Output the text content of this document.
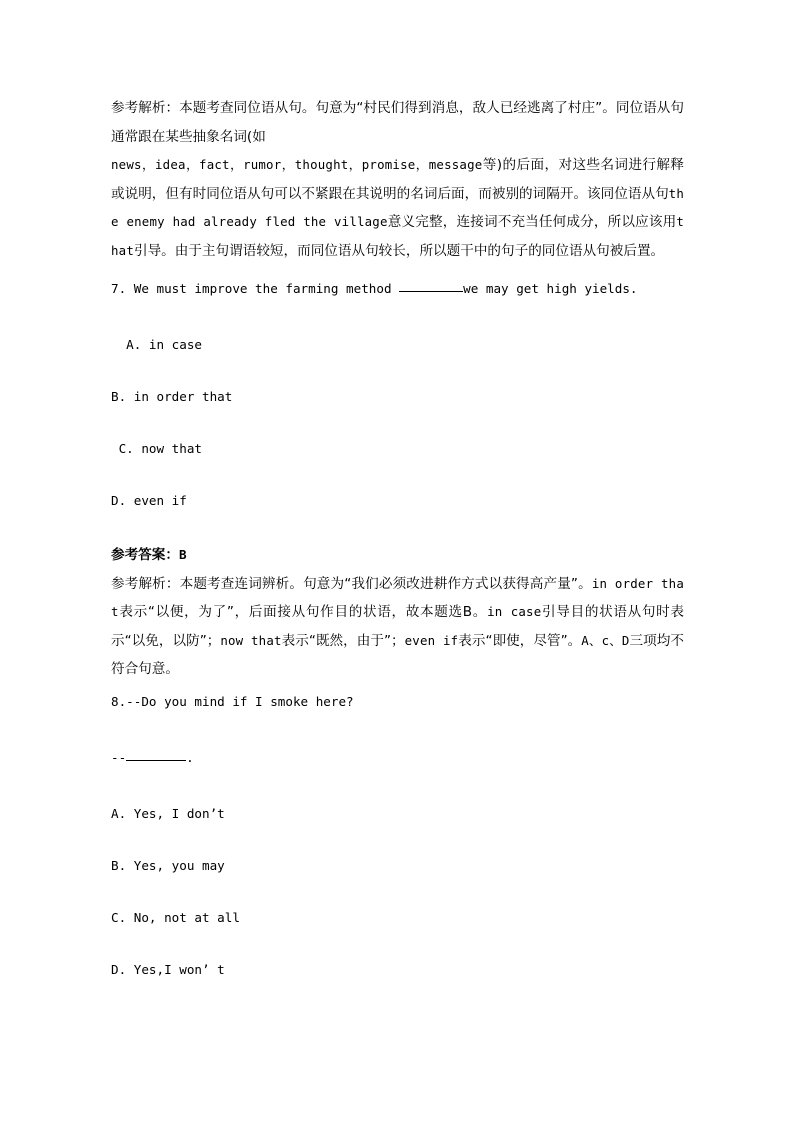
参考解析：本题考查同位语从句。句意为“村民们得到消息，敌人已经逃离了村庄”。同位语从句通常跟在某些抽象名词(如
news，idea，fact，rumor，thought，promise，message等)的后面，对这些名词进行解释或说明，但有时同位语从句可以不紧跟在其说明的名词后面，而被别的词隔开。该同位语从句the enemy had already fled the village意义完整，连接词不充当任何成分，所以应该用that引导。由于主句谓语较短，而同位语从句较长，所以题干中的句子的同位语从句被后置。

7. We must improve the farming method	we may get high yields.

A. in case

B. in order that

C. now that

D. even if

参考答案：B

参考解析：本题考查连词辨析。句意为“我们必须改进耕作方式以获得高产量”。in order that表示“以便，为了”，后面接从句作目的状语，故本题选B。in case引导目的状语从句时表示“以免，以防”；now that表示“既然，由于”；even if表示“即使，尽管”。A、c、D三项均不符合句意。

8.--Do you mind if I smoke here?

--	.

A. Yes, I don’t

B. Yes, you may

C. No, not at all

D. Yes,I won’ t
